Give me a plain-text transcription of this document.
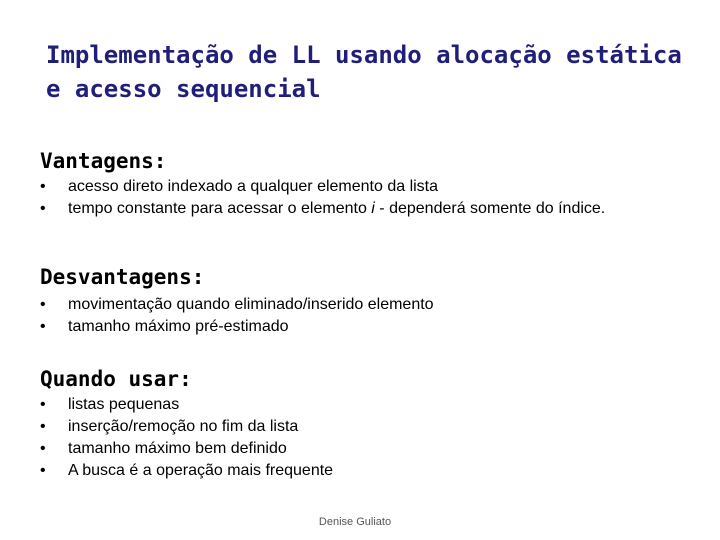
Implementação de LL usando alocação estática e acesso sequencial
Vantagens:
•	acesso direto indexado a qualquer elemento da lista
•	tempo constante para acessar o elemento i - dependerá somente do índice.
Desvantagens:
•	movimentação quando eliminado/inserido elemento
•	tamanho máximo pré-estimado
Quando usar:
•	listas pequenas
•	inserção/remoção no fim da lista
•	tamanho máximo bem definido
•	A busca é a operação mais frequente
Denise Guliato
